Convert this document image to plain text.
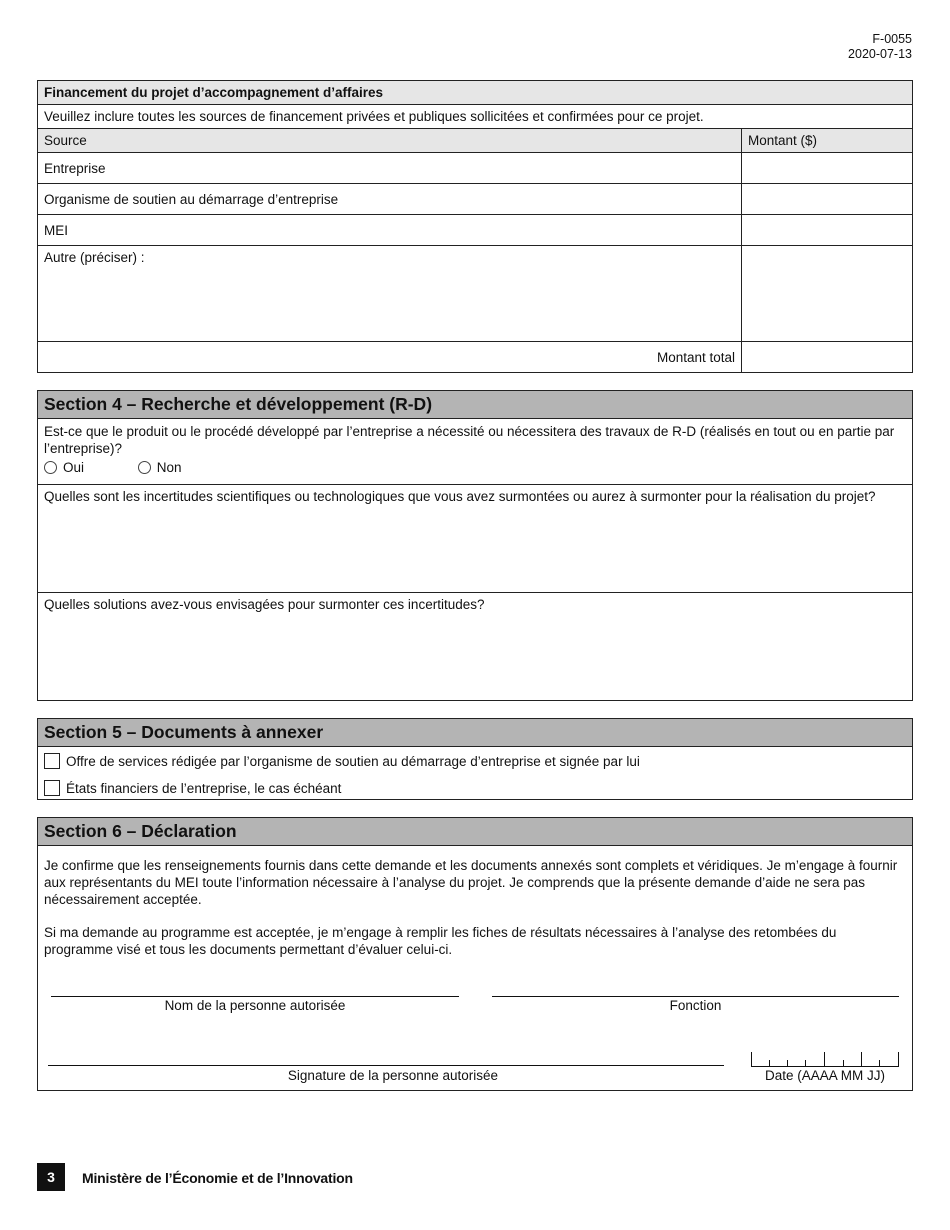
F-0055
2020-07-13
Financement du projet d’accompagnement d’affaires
Veuillez inclure toutes les sources de financement privées et publiques sollicitées et confirmées pour ce projet.
Source	Montant ($)
Entreprise
Organisme de soutien au démarrage d’entreprise
MEI
Autre (préciser) :
Montant total
Section 4 – Recherche et développement (R-D)
Est-ce que le produit ou le procédé développé par l’entreprise a nécessité ou nécessitera des travaux de R-D (réalisés en tout ou en partie par l’entreprise)?
Oui	Non
Quelles sont les incertitudes scientifiques ou technologiques que vous avez surmontées ou aurez à surmonter pour la réalisation du projet?
Quelles solutions avez-vous envisagées pour surmonter ces incertitudes?
Section 5 – Documents à annexer
Offre de services rédigée par l’organisme de soutien au démarrage d’entreprise et signée par lui
États financiers de l’entreprise, le cas échéant
Section 6 – Déclaration
Je confirme que les renseignements fournis dans cette demande et les documents annexés sont complets et véridiques. Je m’engage à fournir aux représentants du MEI toute l’information nécessaire à l’analyse du projet. Je comprends que la présente demande d’aide ne sera pas nécessairement acceptée.
Si ma demande au programme est acceptée, je m’engage à remplir les fiches de résultats nécessaires à l’analyse des retombées du programme visé et tous les documents permettant d’évaluer celui-ci.
Nom de la personne autorisée	Fonction
Signature de la personne autorisée	Date (AAAA MM JJ)
3	Ministère de l’Économie et de l’Innovation
